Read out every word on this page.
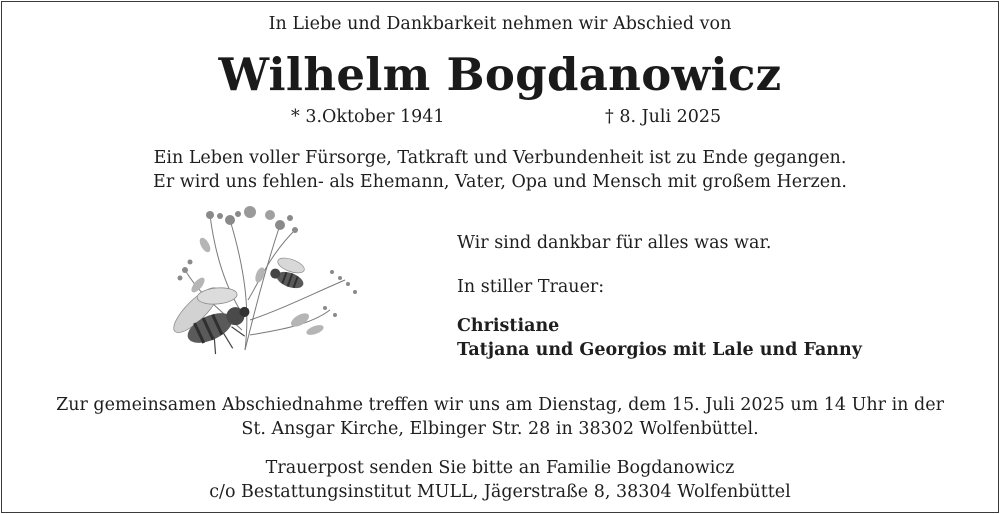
In Liebe und Dankbarkeit nehmen wir Abschied von
Wilhelm Bogdanowicz
* 3.Oktober 1941	† 8. Juli 2025
Ein Leben voller Fürsorge, Tatkraft und Verbundenheit ist zu Ende gegangen.
Er wird uns fehlen- als Ehemann, Vater, Opa und Mensch mit großem Herzen.
Wir sind dankbar für alles was war.
In stiller Trauer:
Christiane
Tatjana und Georgios mit Lale und Fanny
Zur gemeinsamen Abschiednahme treffen wir uns am Dienstag, dem 15. Juli 2025 um 14 Uhr in der
St. Ansgar Kirche, Elbinger Str. 28 in 38302 Wolfenbüttel.
Trauerpost senden Sie bitte an Familie Bogdanowicz
c/o Bestattungsinstitut MULL, Jägerstraße 8, 38304 Wolfenbüttel
